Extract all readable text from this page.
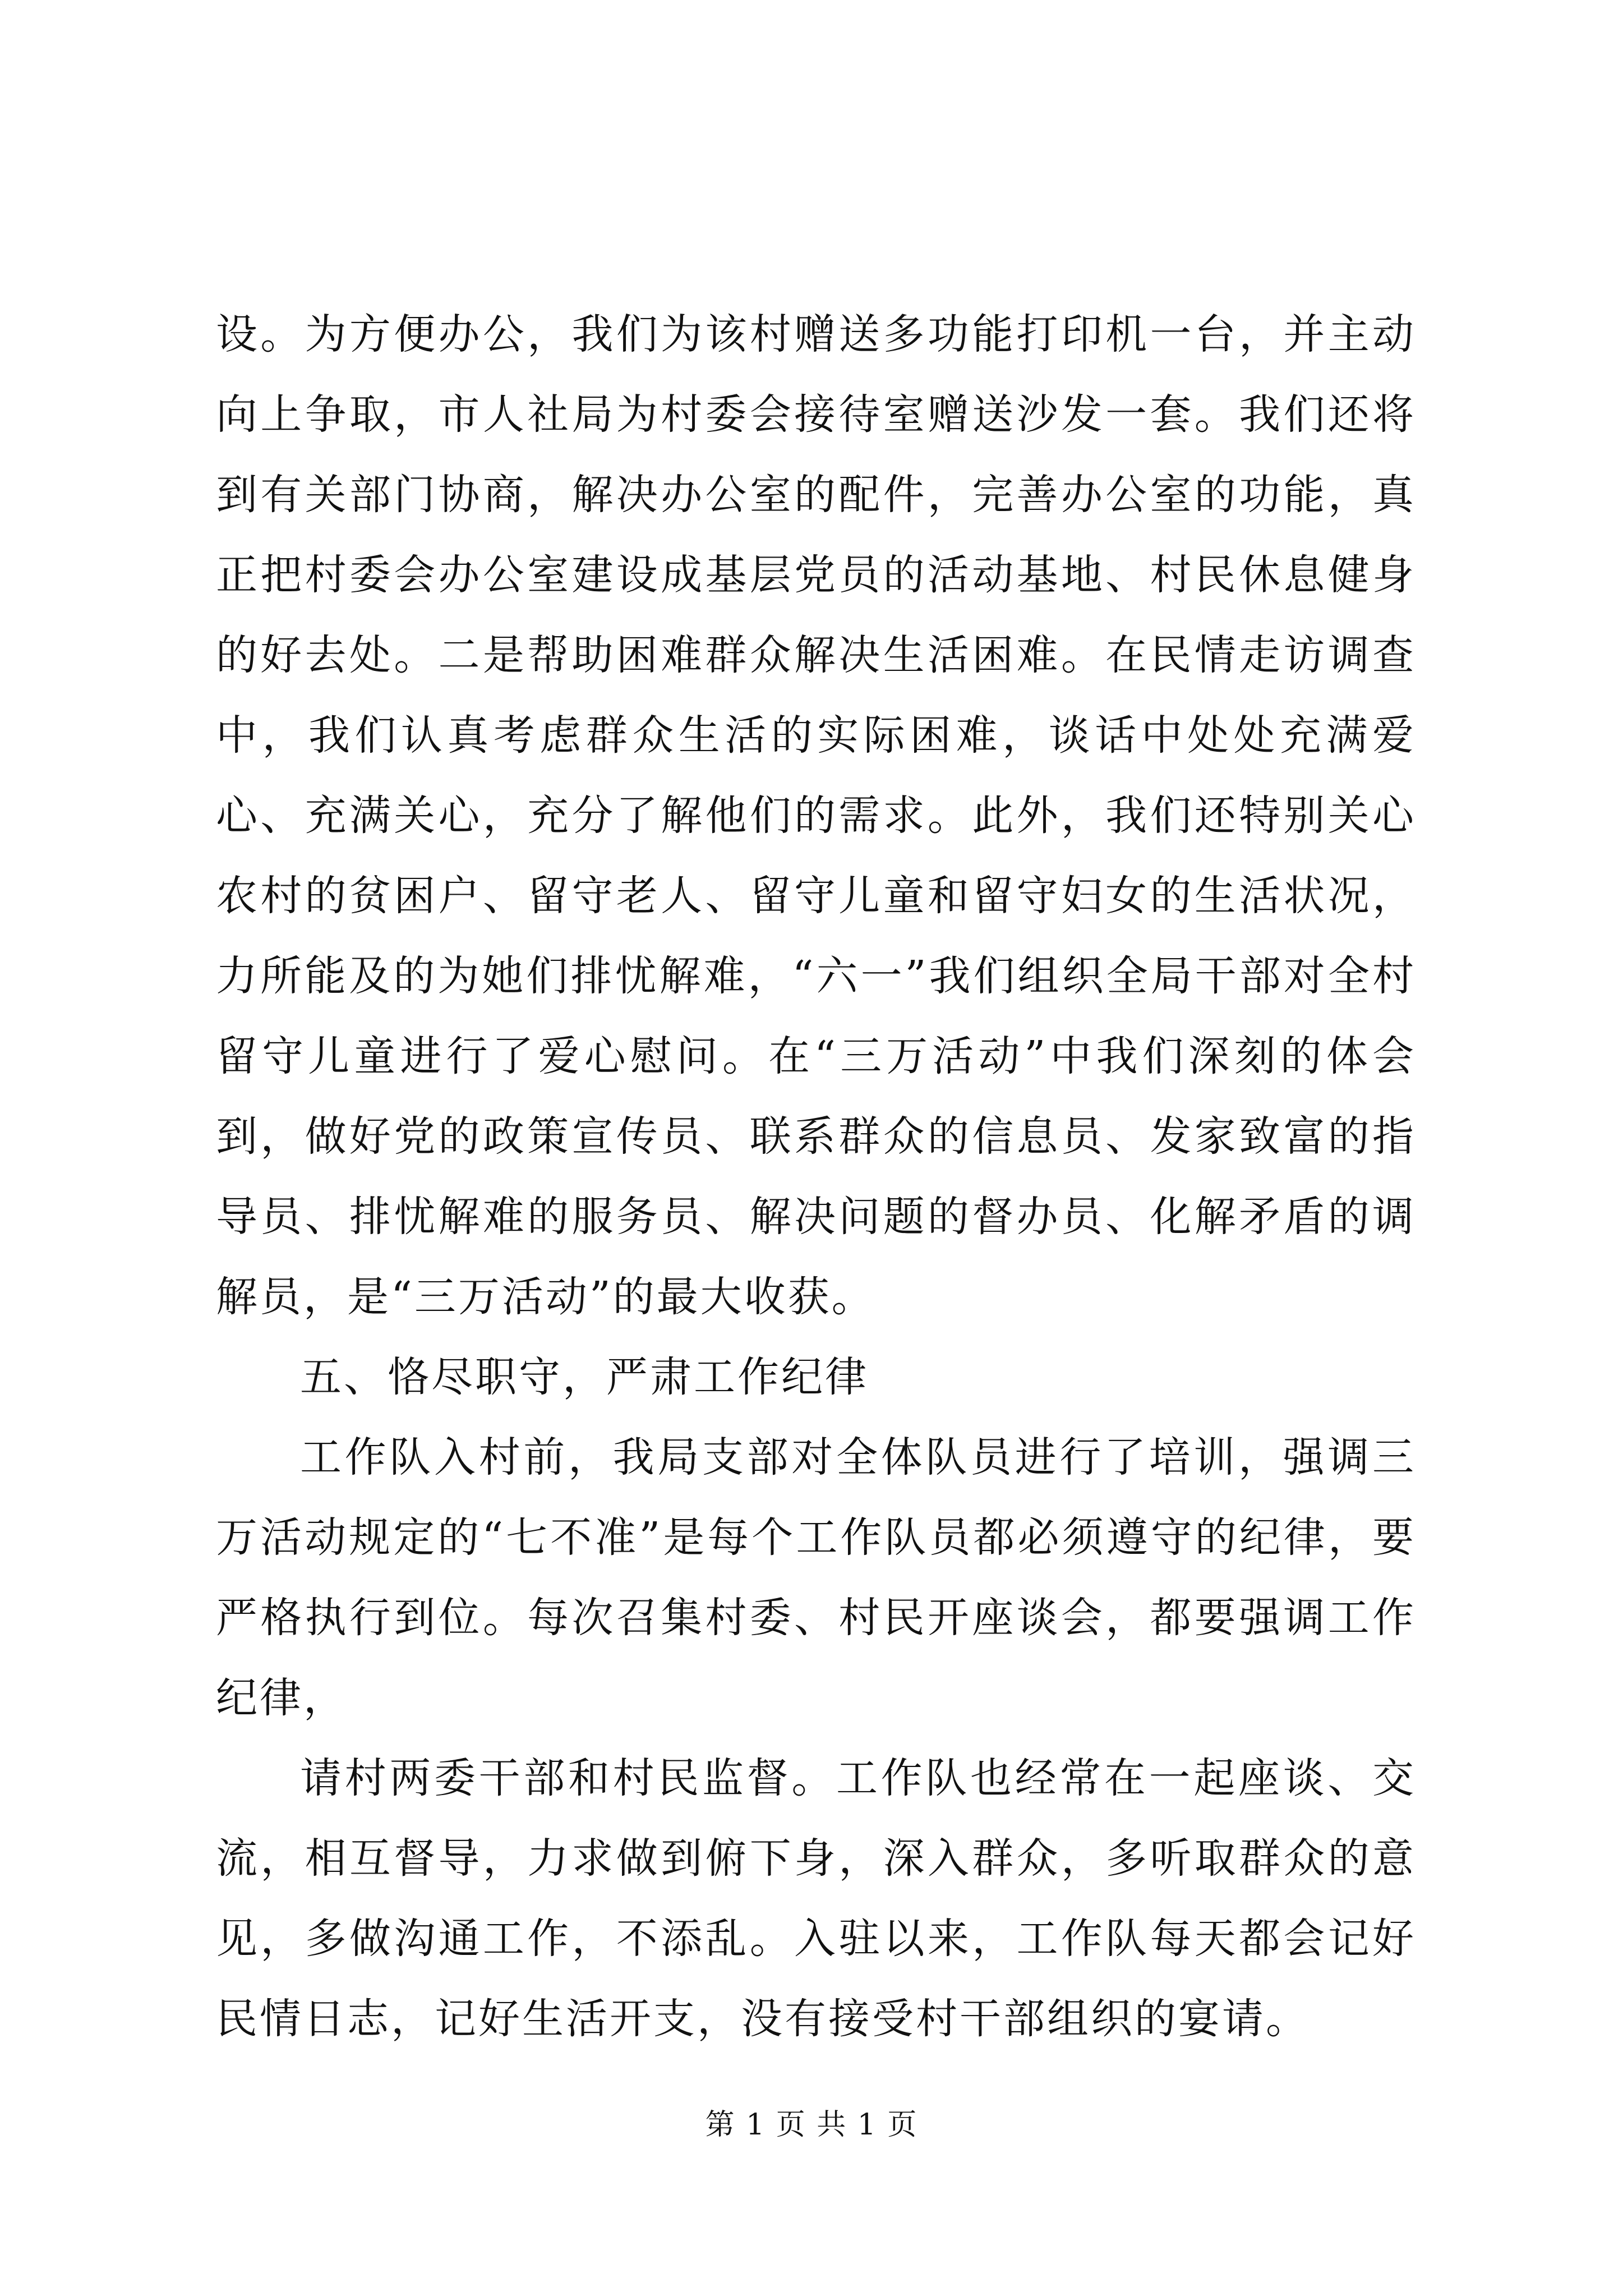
设。为方便办公，我们为该村赠送多功能打印机一台，并主动向上争取，市人社局为村委会接待室赠送沙发一套。我们还将到有关部门协商，解决办公室的配件，完善办公室的功能，真正把村委会办公室建设成基层党员的活动基地、村民休息健身的好去处。二是帮助困难群众解决生活困难。在民情走访调查中，我们认真考虑群众生活的实际困难，谈话中处处充满爱心、充满关心，充分了解他们的需求。此外，我们还特别关心农村的贫困户、留守老人、留守儿童和留守妇女的生活状况，力所能及的为她们排忧解难，“六一”我们组织全局干部对全村留守儿童进行了爱心慰问。在“三万活动”中我们深刻的体会到，做好党的政策宣传员、联系群众的信息员、发家致富的指导员、排忧解难的服务员、解决问题的督办员、化解矛盾的调解员，是“三万活动”的最大收获。

五、恪尽职守，严肃工作纪律

工作队入村前，我局支部对全体队员进行了培训，强调三万活动规定的“七不准”是每个工作队员都必须遵守的纪律，要严格执行到位。每次召集村委、村民开座谈会，都要强调工作纪律，

请村两委干部和村民监督。工作队也经常在一起座谈、交流，相互督导，力求做到俯下身，深入群众，多听取群众的意见，多做沟通工作，不添乱。入驻以来，工作队每天都会记好民情日志，记好生活开支，没有接受村干部组织的宴请。

第 1 页 共 1 页
